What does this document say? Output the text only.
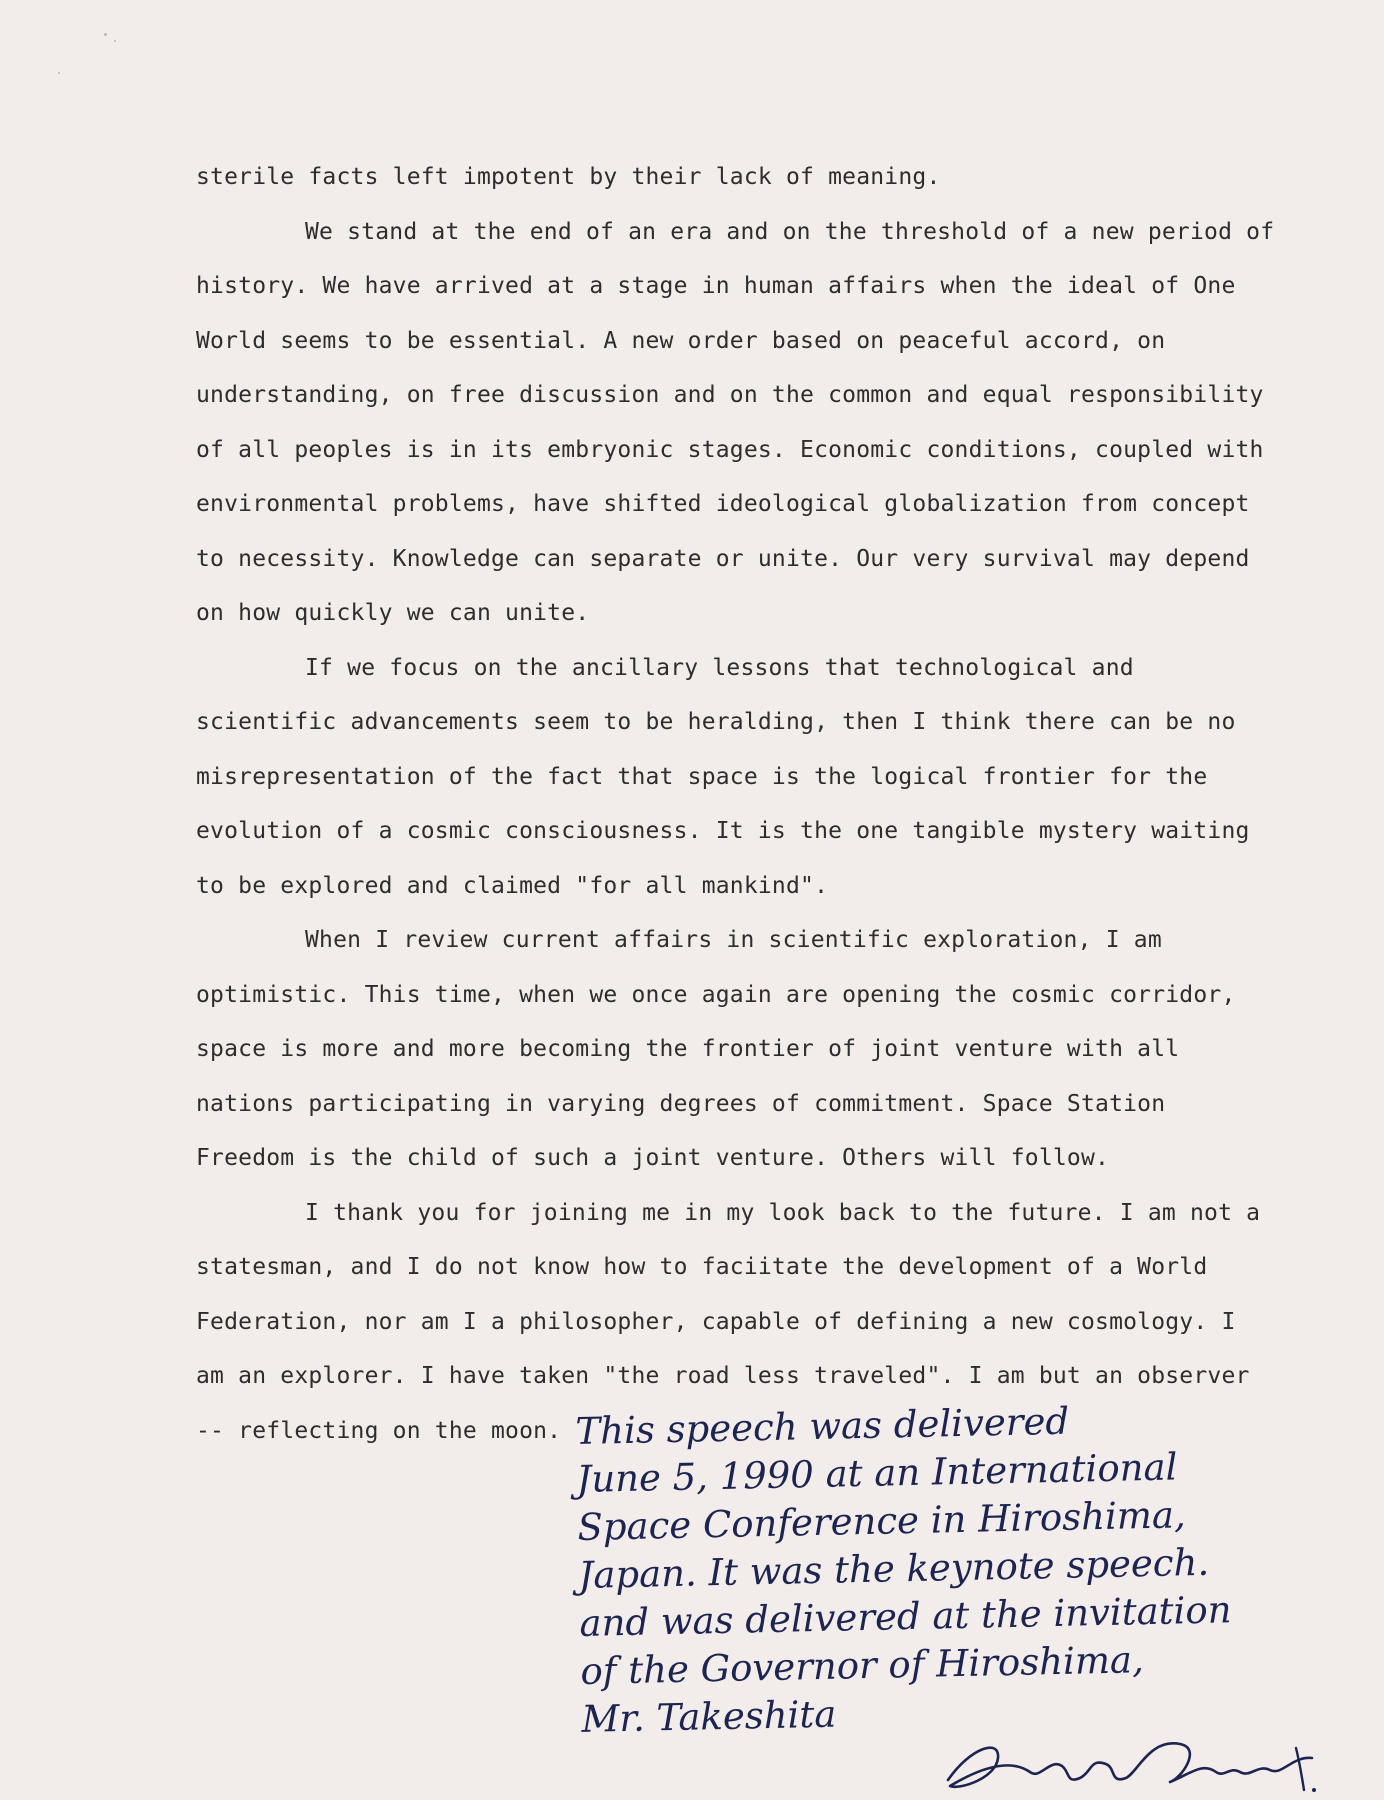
sterile facts left impotent by their lack of meaning.

We stand at the end of an era and on the threshold of a new period of history. We have arrived at a stage in human affairs when the ideal of One World seems to be essential. A new order based on peaceful accord, on understanding, on free discussion and on the common and equal responsibility of all peoples is in its embryonic stages. Economic conditions, coupled with environmental problems, have shifted ideological globalization from concept to necessity. Knowledge can separate or unite. Our very survival may depend on how quickly we can unite.

If we focus on the ancillary lessons that technological and scientific advancements seem to be heralding, then I think there can be no misrepresentation of the fact that space is the logical frontier for the evolution of a cosmic consciousness. It is the one tangible mystery waiting to be explored and claimed "for all mankind".

When I review current affairs in scientific exploration, I am optimistic. This time, when we once again are opening the cosmic corridor, space is more and more becoming the frontier of joint venture with all nations participating in varying degrees of commitment. Space Station Freedom is the child of such a joint venture. Others will follow.

I thank you for joining me in my look back to the future. I am not a statesman, and I do not know how to faciitate the development of a World Federation, nor am I a philosopher, capable of defining a new cosmology. I am an explorer. I have taken "the road less traveled". I am but an observer -- reflecting on the moon. This speech was delivered
June 5, 1990 at an International
Space Conference in Hiroshima,
Japan. It was the keynote speech.
and was delivered at the invitation
of the Governor of Hiroshima,
Mr. Takeshita
